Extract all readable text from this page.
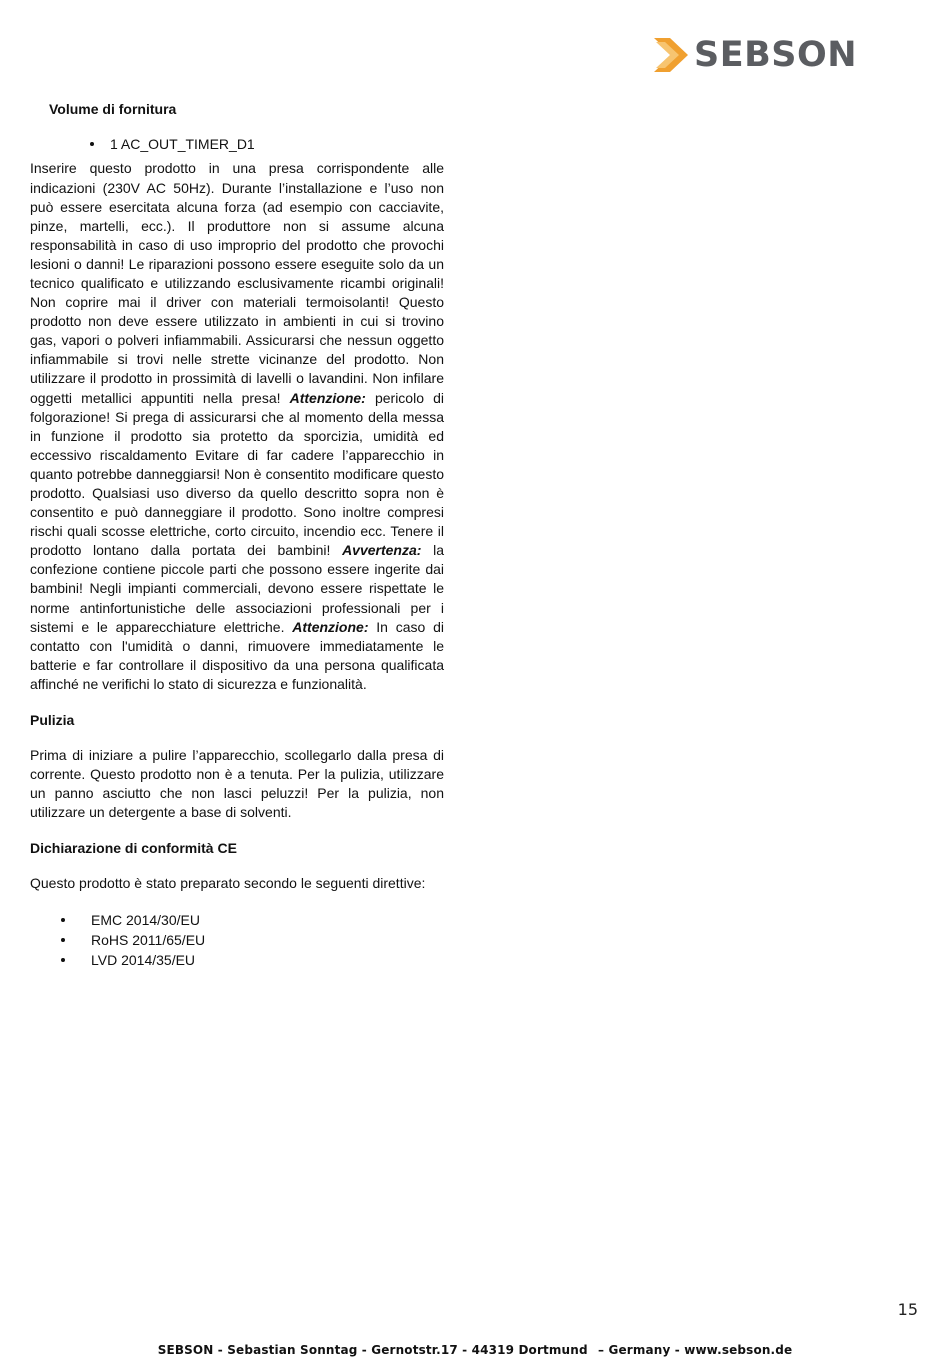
SEBSON
Volume di fornitura
1 AC_OUT_TIMER_D1

Inserire questo prodotto in una presa corrispondente alle indicazioni (230V AC 50Hz). Durante l’installazione e l’uso non può essere esercitata alcuna forza (ad esempio con cacciavite, pinze, martelli, ecc.). Il produttore non si assume alcuna responsabilità in caso di uso improprio del prodotto che provochi lesioni o danni! Le riparazioni possono essere eseguite solo da un tecnico qualificato e utilizzando esclusivamente ricambi originali! Non coprire mai il driver con materiali termoisolanti! Questo prodotto non deve essere utilizzato in ambienti in cui si trovino gas, vapori o polveri infiammabili. Assicurarsi che nessun oggetto infiammabile si trovi nelle strette vicinanze del prodotto. Non utilizzare il prodotto in prossimità di lavelli o lavandini. Non infilare oggetti metallici appuntiti nella presa! Attenzione: pericolo di folgorazione! Si prega di assicurarsi che al momento della messa in funzione il prodotto sia protetto da sporcizia, umidità ed eccessivo riscaldamento Evitare di far cadere l’apparecchio in quanto potrebbe danneggiarsi! Non è consentito modificare questo prodotto. Qualsiasi uso diverso da quello descritto sopra non è consentito e può danneggiare il prodotto. Sono inoltre compresi rischi quali scosse elettriche, corto circuito, incendio ecc. Tenere il prodotto lontano dalla portata dei bambini! Avvertenza: la confezione contiene piccole parti che possono essere ingerite dai bambini! Negli impianti commerciali, devono essere rispettate le norme antinfortunistiche delle associazioni professionali per i sistemi e le apparecchiature elettriche. Attenzione: In caso di contatto con l'umidità o danni, rimuovere immediatamente le batterie e far controllare il dispositivo da una persona qualificata affinché ne verifichi lo stato di sicurezza e funzionalità.

Pulizia

Prima di iniziare a pulire l’apparecchio, scollegarlo dalla presa di corrente. Questo prodotto non è a tenuta. Per la pulizia, utilizzare un panno asciutto che non lasci peluzzi! Per la pulizia, non utilizzare un detergente a base di solventi.

Dichiarazione di conformità CE

Questo prodotto è stato preparato secondo le seguenti direttive:

EMC 2014/30/EU
RoHS 2011/65/EU
LVD 2014/35/EU
15
SEBSON - Sebastian Sonntag - Gernotstr.17 - 44319 Dortmund – Germany - www.sebson.de
